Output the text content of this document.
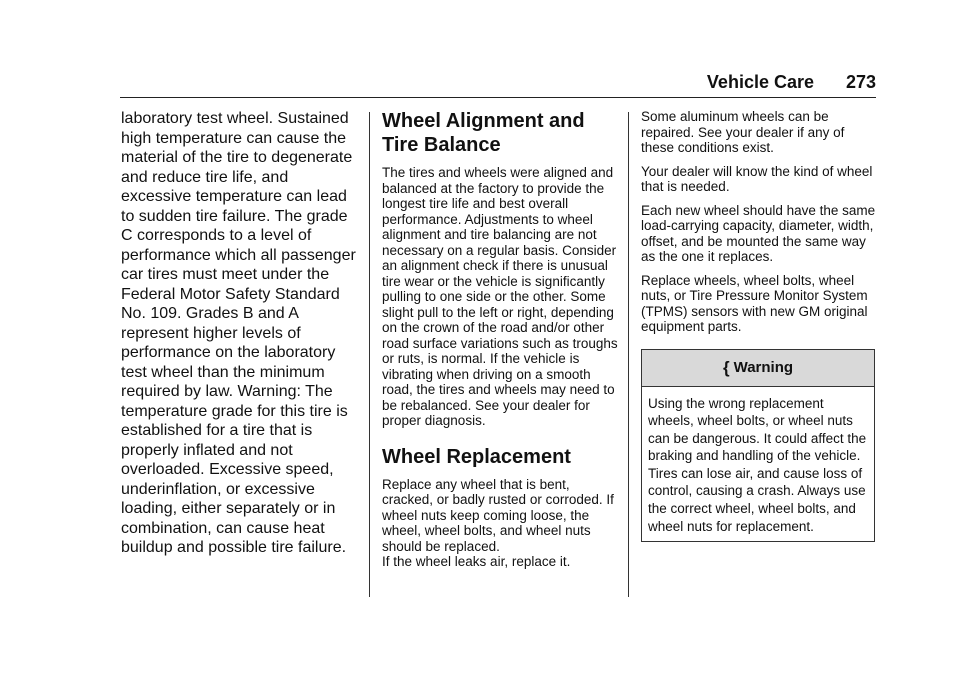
Vehicle Care 273

laboratory test wheel. Sustained high temperature can cause the material of the tire to degenerate and reduce tire life, and excessive temperature can lead to sudden tire failure. The grade C corresponds to a level of performance which all passenger car tires must meet under the Federal Motor Safety Standard No. 109. Grades B and A represent higher levels of performance on the laboratory test wheel than the minimum required by law. Warning: The temperature grade for this tire is established for a tire that is properly inflated and not overloaded. Excessive speed, underinflation, or excessive loading, either separately or in combination, can cause heat buildup and possible tire failure.

Wheel Alignment and Tire Balance

The tires and wheels were aligned and balanced at the factory to provide the longest tire life and best overall performance. Adjustments to wheel alignment and tire balancing are not necessary on a regular basis. Consider an alignment check if there is unusual tire wear or the vehicle is significantly pulling to one side or the other. Some slight pull to the left or right, depending on the crown of the road and/or other road surface variations such as troughs or ruts, is normal. If the vehicle is vibrating when driving on a smooth road, the tires and wheels may need to be rebalanced. See your dealer for proper diagnosis.

Wheel Replacement

Replace any wheel that is bent, cracked, or badly rusted or corroded. If wheel nuts keep coming loose, the wheel, wheel bolts, and wheel nuts should be replaced.

If the wheel leaks air, replace it.

Some aluminum wheels can be repaired. See your dealer if any of these conditions exist.

Your dealer will know the kind of wheel that is needed.

Each new wheel should have the same load-carrying capacity, diameter, width, offset, and be mounted the same way as the one it replaces.

Replace wheels, wheel bolts, wheel nuts, or Tire Pressure Monitor System (TPMS) sensors with new GM original equipment parts.

{ Warning

Using the wrong replacement wheels, wheel bolts, or wheel nuts can be dangerous. It could affect the braking and handling of the vehicle. Tires can lose air, and cause loss of control, causing a crash. Always use the correct wheel, wheel bolts, and wheel nuts for replacement.
